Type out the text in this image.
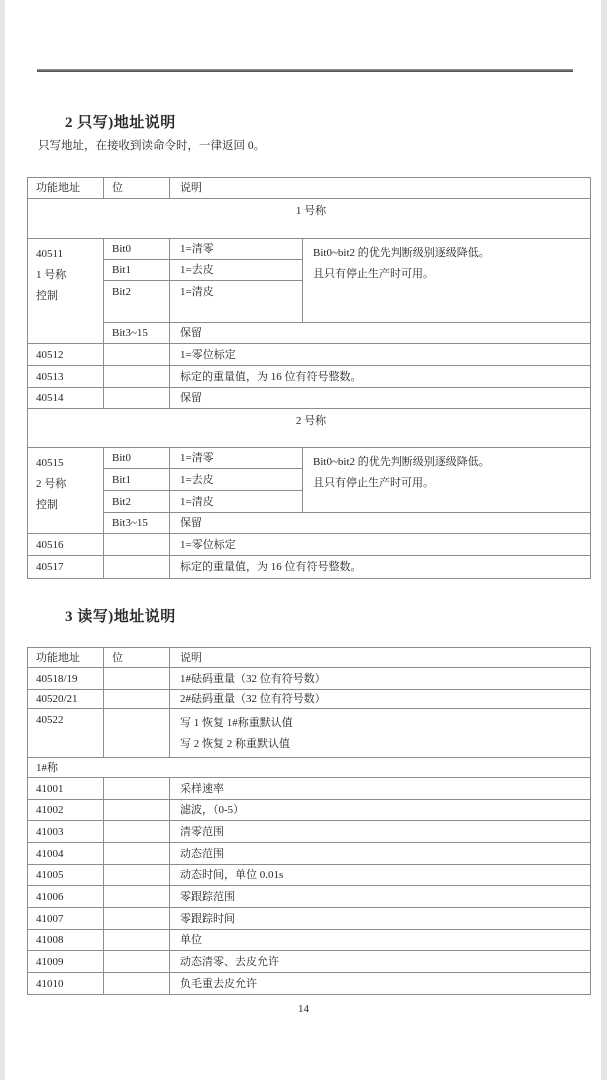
2 只写)地址说明
只写地址，在接收到读命令时，一律返回 0。
功能地址	位	说明	
1 号称			

40511
1 号称
控制
	Bit0	1=清零	Bit0~bit2 的优先判断级别逐级降低。
且只有停止生产时可用。

	Bit1	1=去皮	
	Bit2	1=清皮	
	Bit3~15	保留	
40512		1=零位标定	
40513		标定的重量值，为 16 位有符号整数。	
40514		保留	
2 号称			

40515
2 号称
控制
	Bit0	1=清零	Bit0~bit2 的优先判断级别逐级降低。
且只有停止生产时可用。

	Bit1	1=去皮	
	Bit2	1=清皮	
	Bit3~15	保留	
40516		1=零位标定	
40517		标定的重量值，为 16 位有符号整数。	
3 读写)地址说明
功能地址	位	说明
40518/19		1#砝码重量（32 位有符号数）
40520/21		2#砝码重量（32 位有符号数）
40522		写 1 恢复 1#称重默认值
写 2 恢复 2 称重默认值

1#称		
41001		采样速率
41002		滤波，（0-5）
41003		清零范围
41004		动态范围
41005		动态时间，单位 0.01s
41006		零跟踪范围
41007		零跟踪时间
41008		单位
41009		动态清零、去皮允许
41010		负毛重去皮允许
14
